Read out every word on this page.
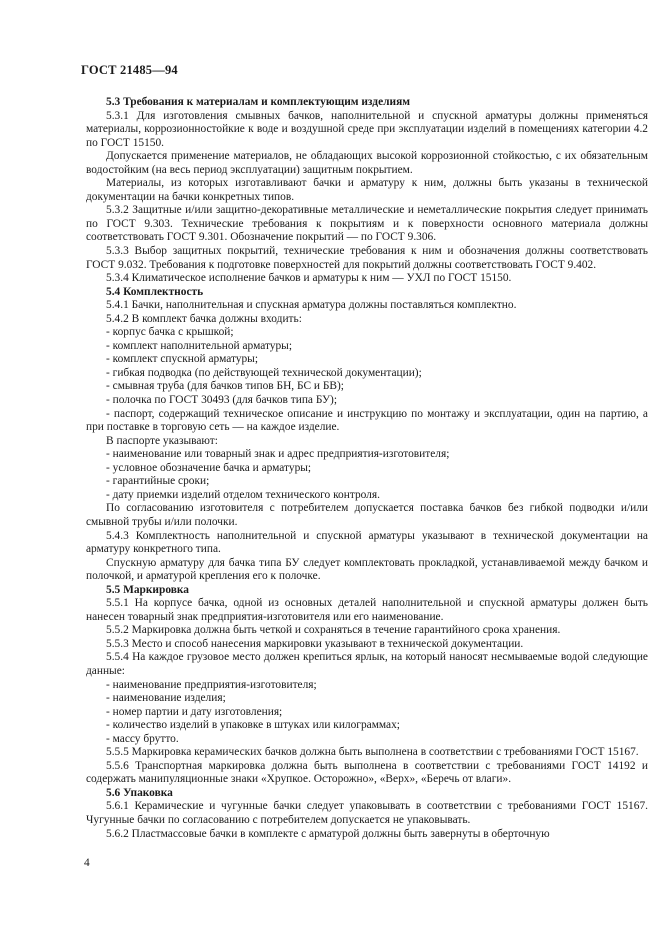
ГОСТ 21485—94

5.3 Требования к материалам и комплектующим изделиям

5.3.1 Для изготовления смывных бачков, наполнительной и спускной арматуры должны применяться материалы, коррозионностойкие к воде и воздушной среде при эксплуатации изделий в помещениях категории 4.2 по ГОСТ 15150.

Допускается применение материалов, не обладающих высокой коррозионной стойкостью, с их обязательным водостойким (на весь период эксплуатации) защитным покрытием.

Материалы, из которых изготавливают бачки и арматуру к ним, должны быть указаны в технической документации на бачки конкретных типов.

5.3.2 Защитные и/или защитно-декоративные металлические и неметаллические покрытия следует принимать по ГОСТ 9.303. Технические требования к покрытиям и к поверхности основного материала должны соответствовать ГОСТ 9.301. Обозначение покрытий — по ГОСТ 9.306.

5.3.3 Выбор защитных покрытий, технические требования к ним и обозначения должны соответствовать ГОСТ 9.032. Требования к подготовке поверхностей для покрытий должны соответствовать ГОСТ 9.402.

5.3.4 Климатическое исполнение бачков и арматуры к ним — УХЛ по ГОСТ 15150.

5.4 Комплектность

5.4.1 Бачки, наполнительная и спускная арматура должны поставляться комплектно.

5.4.2 В комплект бачка должны входить:

- корпус бачка с крышкой;

- комплект наполнительной арматуры;

- комплект спускной арматуры;

- гибкая подводка (по действующей технической документации);

- смывная труба (для бачков типов БН, БС и БВ);

- полочка по ГОСТ 30493 (для бачков типа БУ);

- паспорт, содержащий техническое описание и инструкцию по монтажу и эксплуатации, один на партию, а при поставке в торговую сеть — на каждое изделие.

В паспорте указывают:

- наименование или товарный знак и адрес предприятия-изготовителя;

- условное обозначение бачка и арматуры;

- гарантийные сроки;

- дату приемки изделий отделом технического контроля.

По согласованию изготовителя с потребителем допускается поставка бачков без гибкой подводки и/или смывной трубы и/или полочки.

5.4.3 Комплектность наполнительной и спускной арматуры указывают в технической документации на арматуру конкретного типа.

Спускную арматуру для бачка типа БУ следует комплектовать прокладкой, устанавливаемой между бачком и полочкой, и арматурой крепления его к полочке.

5.5 Маркировка

5.5.1 На корпусе бачка, одной из основных деталей наполнительной и спускной арматуры должен быть нанесен товарный знак предприятия-изготовителя или его наименование.

5.5.2 Маркировка должна быть четкой и сохраняться в течение гарантийного срока хранения.

5.5.3 Место и способ нанесения маркировки указывают в технической документации.

5.5.4 На каждое грузовое место должен крепиться ярлык, на который наносят несмываемые водой следующие данные:

- наименование предприятия-изготовителя;

- наименование изделия;

- номер партии и дату изготовления;

- количество изделий в упаковке в штуках или килограммах;

- массу брутто.

5.5.5 Маркировка керамических бачков должна быть выполнена в соответствии с требованиями ГОСТ 15167.

5.5.6 Транспортная маркировка должна быть выполнена в соответствии с требованиями ГОСТ 14192 и содержать манипуляционные знаки «Хрупкое. Осторожно», «Верх», «Беречь от влаги».

5.6 Упаковка

5.6.1 Керамические и чугунные бачки следует упаковывать в соответствии с требованиями ГОСТ 15167. Чугунные бачки по согласованию с потребителем допускается не упаковывать.

5.6.2 Пластмассовые бачки в комплекте с арматурой должны быть завернуты в оберточную

4
